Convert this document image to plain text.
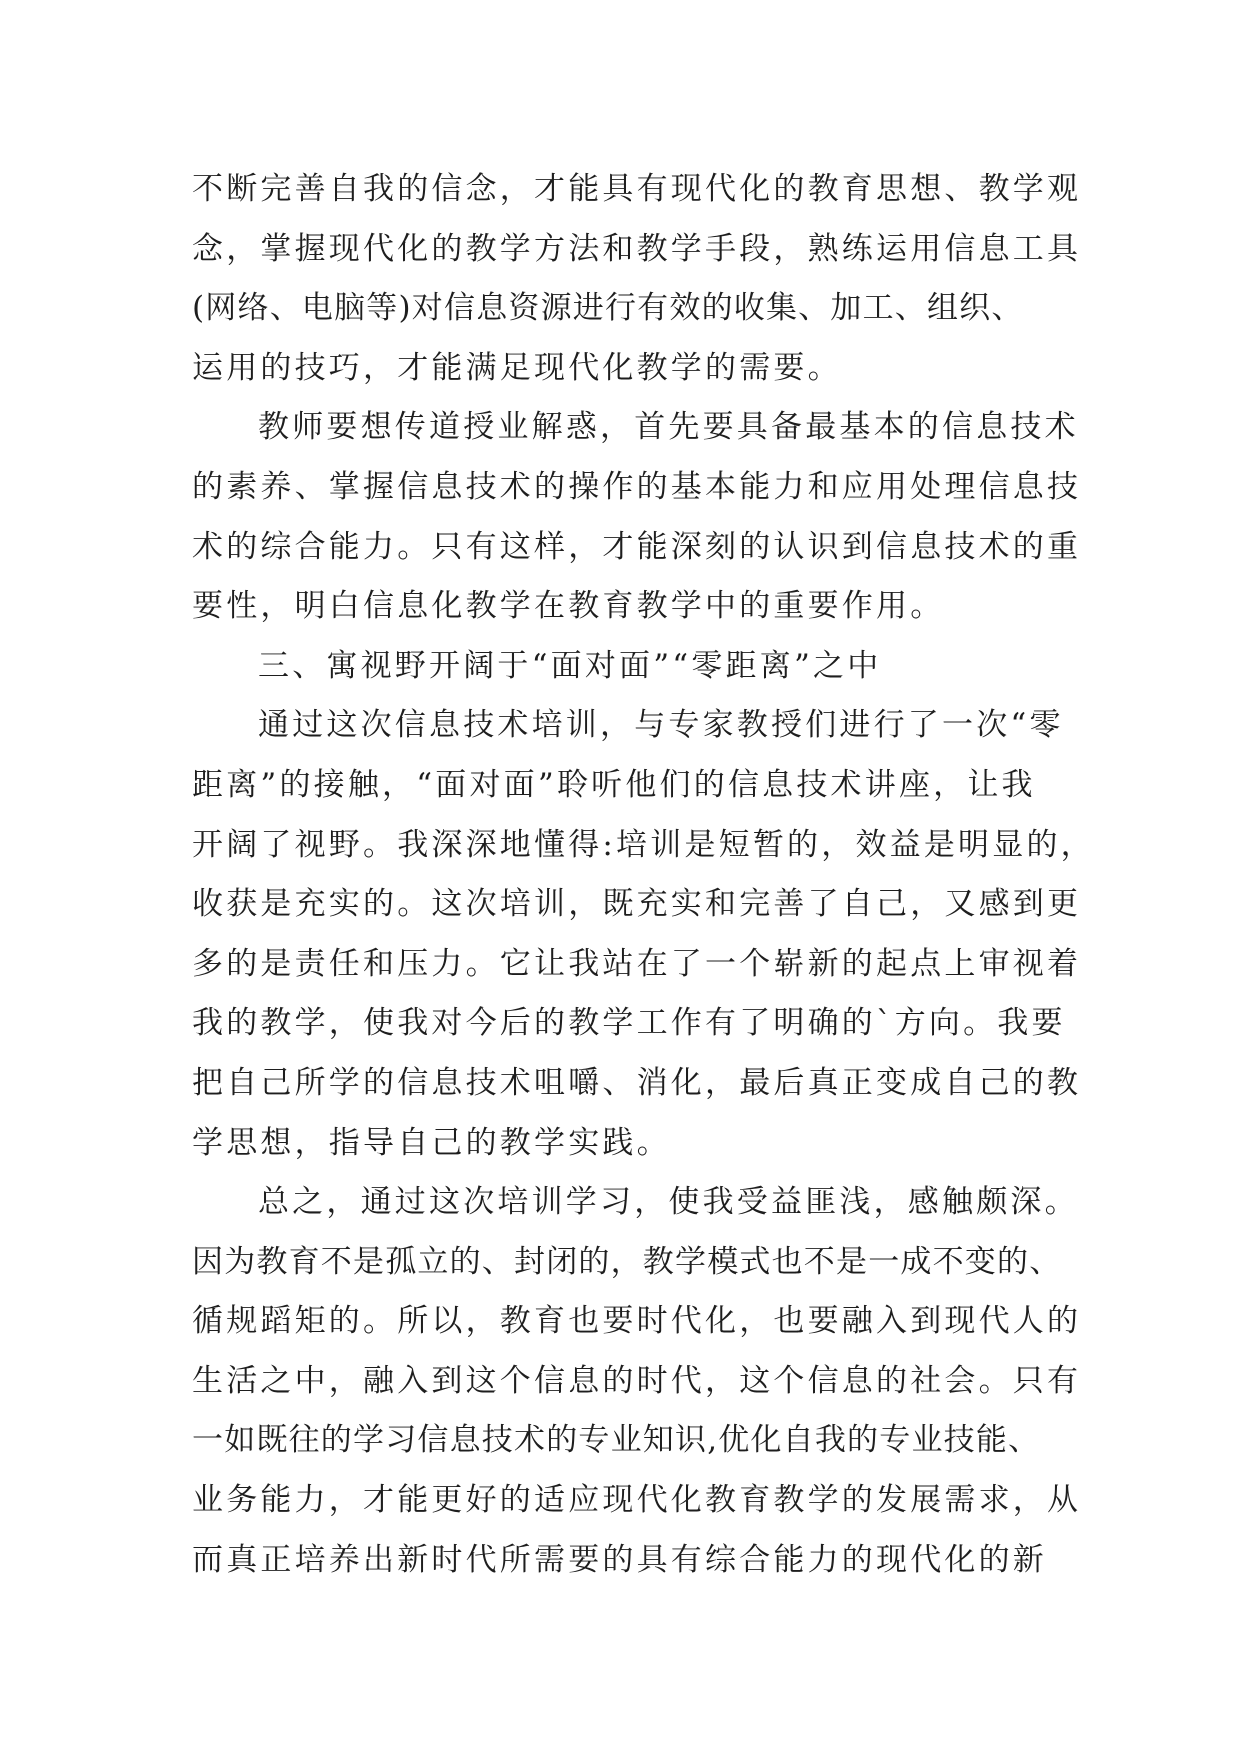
不断完善自我的信念，才能具有现代化的教育思想、教学观
念，掌握现代化的教学方法和教学手段，熟练运用信息工具
(网络、电脑等)对信息资源进行有效的收集、加工、组织、
运用的技巧，才能满足现代化教学的需要。
教师要想传道授业解惑，首先要具备最基本的信息技术
的素养、掌握信息技术的操作的基本能力和应用处理信息技
术的综合能力。只有这样，才能深刻的认识到信息技术的重
要性，明白信息化教学在教育教学中的重要作用。
三、寓视野开阔于“面对面”“零距离”之中
通过这次信息技术培训，与专家教授们进行了一次“零
距离”的接触，“面对面”聆听他们的信息技术讲座，让我
开阔了视野。我深深地懂得:培训是短暂的，效益是明显的，
收获是充实的。这次培训，既充实和完善了自己，又感到更
多的是责任和压力。它让我站在了一个崭新的起点上审视着
我的教学，使我对今后的教学工作有了明确的`方向。我要
把自己所学的信息技术咀嚼、消化，最后真正变成自己的教
学思想，指导自己的教学实践。
总之，通过这次培训学习，使我受益匪浅，感触颇深。
因为教育不是孤立的、封闭的，教学模式也不是一成不变的、
循规蹈矩的。所以，教育也要时代化，也要融入到现代人的
生活之中，融入到这个信息的时代，这个信息的社会。只有
一如既往的学习信息技术的专业知识,优化自我的专业技能、
业务能力，才能更好的适应现代化教育教学的发展需求，从
而真正培养出新时代所需要的具有综合能力的现代化的新
